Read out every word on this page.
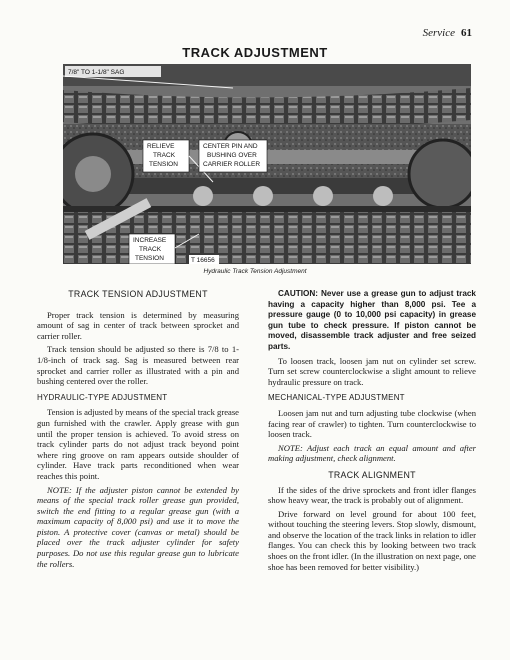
Service 61
TRACK ADJUSTMENT
7/8" TO 1-1/8" SAG
RELIEVE
TRACK
TENSION
CENTER PIN AND
BUSHING OVER
CARRIER ROLLER
INCREASE
TRACK
TENSION	T 16656
Hydraulic Track Tension Adjustment
TRACK TENSION ADJUSTMENT

Proper track tension is determined by measuring amount of sag in center of track between sprocket and carrier roller.

Track tension should be adjusted so there is 7/8 to 1-1/8-inch of track sag. Sag is measured between rear sprocket and carrier roller as illustrated with a pin and bushing centered over the roller.

HYDRAULIC-TYPE ADJUSTMENT

Tension is adjusted by means of the special track grease gun furnished with the crawler. Apply grease with gun until the proper tension is achieved. To avoid stress on track cylinder parts do not adjust track beyond point where ring groove on ram appears outside shoulder of cylinder. Have track parts reconditioned when wear reaches this point.

NOTE: If the adjuster piston cannot be extended by means of the special track roller grease gun provided, switch the end fitting to a regular grease gun (with a maximum capacity of 8,000 psi) and use it to move the piston. A protective cover (canvas or metal) should be placed over the track adjuster cylinder for safety purposes. Do not use this regular grease gun to lubricate the rollers.

CAUTION: Never use a grease gun to adjust track having a capacity higher than 8,000 psi. Tee a pressure gauge (0 to 10,000 psi capacity) in grease gun tube to check pressure. If piston cannot be moved, disassemble track adjuster and free seized parts.

To loosen track, loosen jam nut on cylinder set screw. Turn set screw counterclockwise a slight amount to relieve hydraulic pressure on track.

MECHANICAL-TYPE ADJUSTMENT

Loosen jam nut and turn adjusting tube clockwise (when facing rear of crawler) to tighten. Turn counterclockwise to loosen track.

NOTE: Adjust each track an equal amount and after making adjustment, check alignment.

TRACK ALIGNMENT

If the sides of the drive sprockets and front idler flanges show heavy wear, the track is probably out of alignment.

Drive forward on level ground for about 100 feet, without touching the steering levers. Stop slowly, dismount, and observe the location of the track links in relation to idler flanges. You can check this by looking between two track shoes on the front idler. (In the illustration on next page, one shoe has been removed for better visibility.)
